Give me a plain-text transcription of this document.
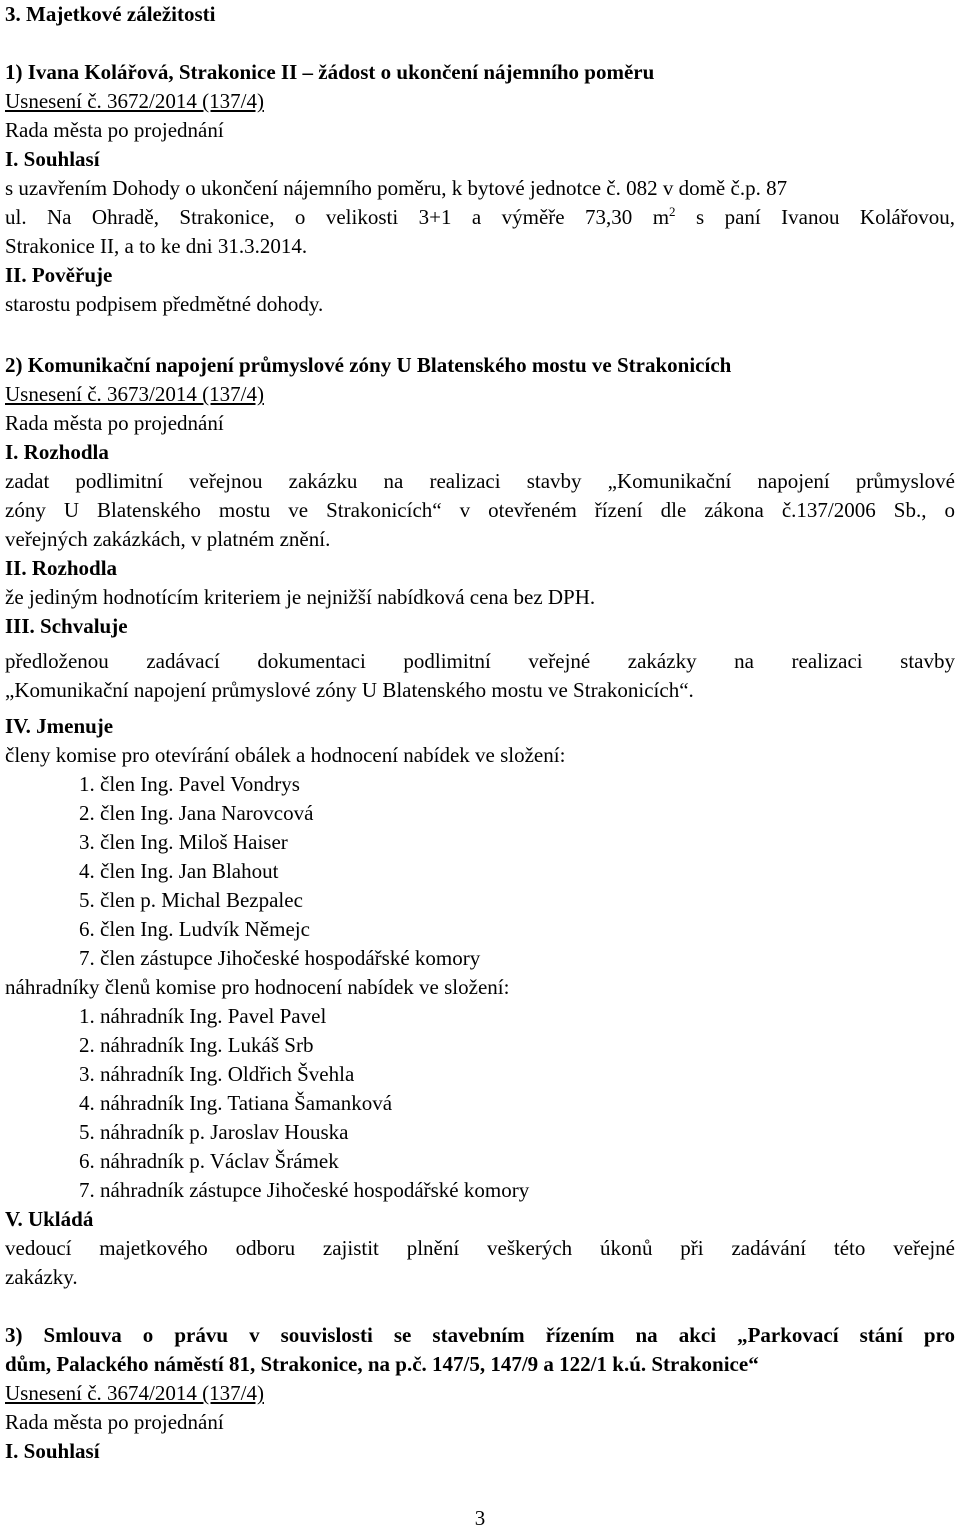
3. Majetkové záležitosti
1) Ivana Kolářová, Strakonice II – žádost o ukončení nájemního poměru
Usnesení č. 3672/2014 (137/4)
Rada města po projednání
I. Souhlasí
s uzavřením Dohody o ukončení nájemního poměru, k bytové jednotce č. 082 v domě č.p. 87
ul. Na Ohradě, Strakonice, o velikosti 3+1 a výměře 73,30 $m^2$ s paní Ivanou Kolářovou,
Strakonice II, a to ke dni 31.3.2014.
II. Pověřuje
starostu podpisem předmětné dohody.
2) Komunikační napojení průmyslové zóny U Blatenského mostu ve Strakonicích
Usnesení č. 3673/2014 (137/4)
Rada města po projednání
I. Rozhodla
zadat podlimitní veřejnou zakázku na realizaci stavby „Komunikační napojení průmyslové
zóny U Blatenského mostu ve Strakonicích“ v otevřeném řízení dle zákona č.137/2006 Sb., o
veřejných zakázkách, v platném znění.
II. Rozhodla
že jediným hodnotícím kriteriem je nejnižší nabídková cena bez DPH.
III. Schvaluje
předloženou zadávací dokumentaci podlimitní veřejné zakázky na realizaci stavby
„Komunikační napojení průmyslové zóny U Blatenského mostu ve Strakonicích“.
IV. Jmenuje
členy komise pro otevírání obálek a hodnocení nabídek ve složení:
1. člen Ing. Pavel Vondrys
2. člen Ing. Jana Narovcová
3. člen Ing. Miloš Haiser
4. člen Ing. Jan Blahout
5. člen p. Michal Bezpalec
6. člen Ing. Ludvík Němejc
7. člen zástupce Jihočeské hospodářské komory
náhradníky členů komise pro hodnocení nabídek ve složení:
1. náhradník Ing. Pavel Pavel
2. náhradník Ing. Lukáš Srb
3. náhradník Ing. Oldřich Švehla
4. náhradník Ing. Tatiana Šamanková
5. náhradník p. Jaroslav Houska
6. náhradník p. Václav Šrámek
7. náhradník zástupce Jihočeské hospodářské komory
V. Ukládá
vedoucí majetkového odboru zajistit plnění veškerých úkonů při zadávání této veřejné
zakázky.
3) Smlouva o právu v souvislosti se stavebním řízením na akci „Parkovací stání pro
dům, Palackého náměstí 81, Strakonice, na p.č. 147/5, 147/9 a 122/1 k.ú. Strakonice“
Usnesení č. 3674/2014 (137/4)
Rada města po projednání
I. Souhlasí
3
